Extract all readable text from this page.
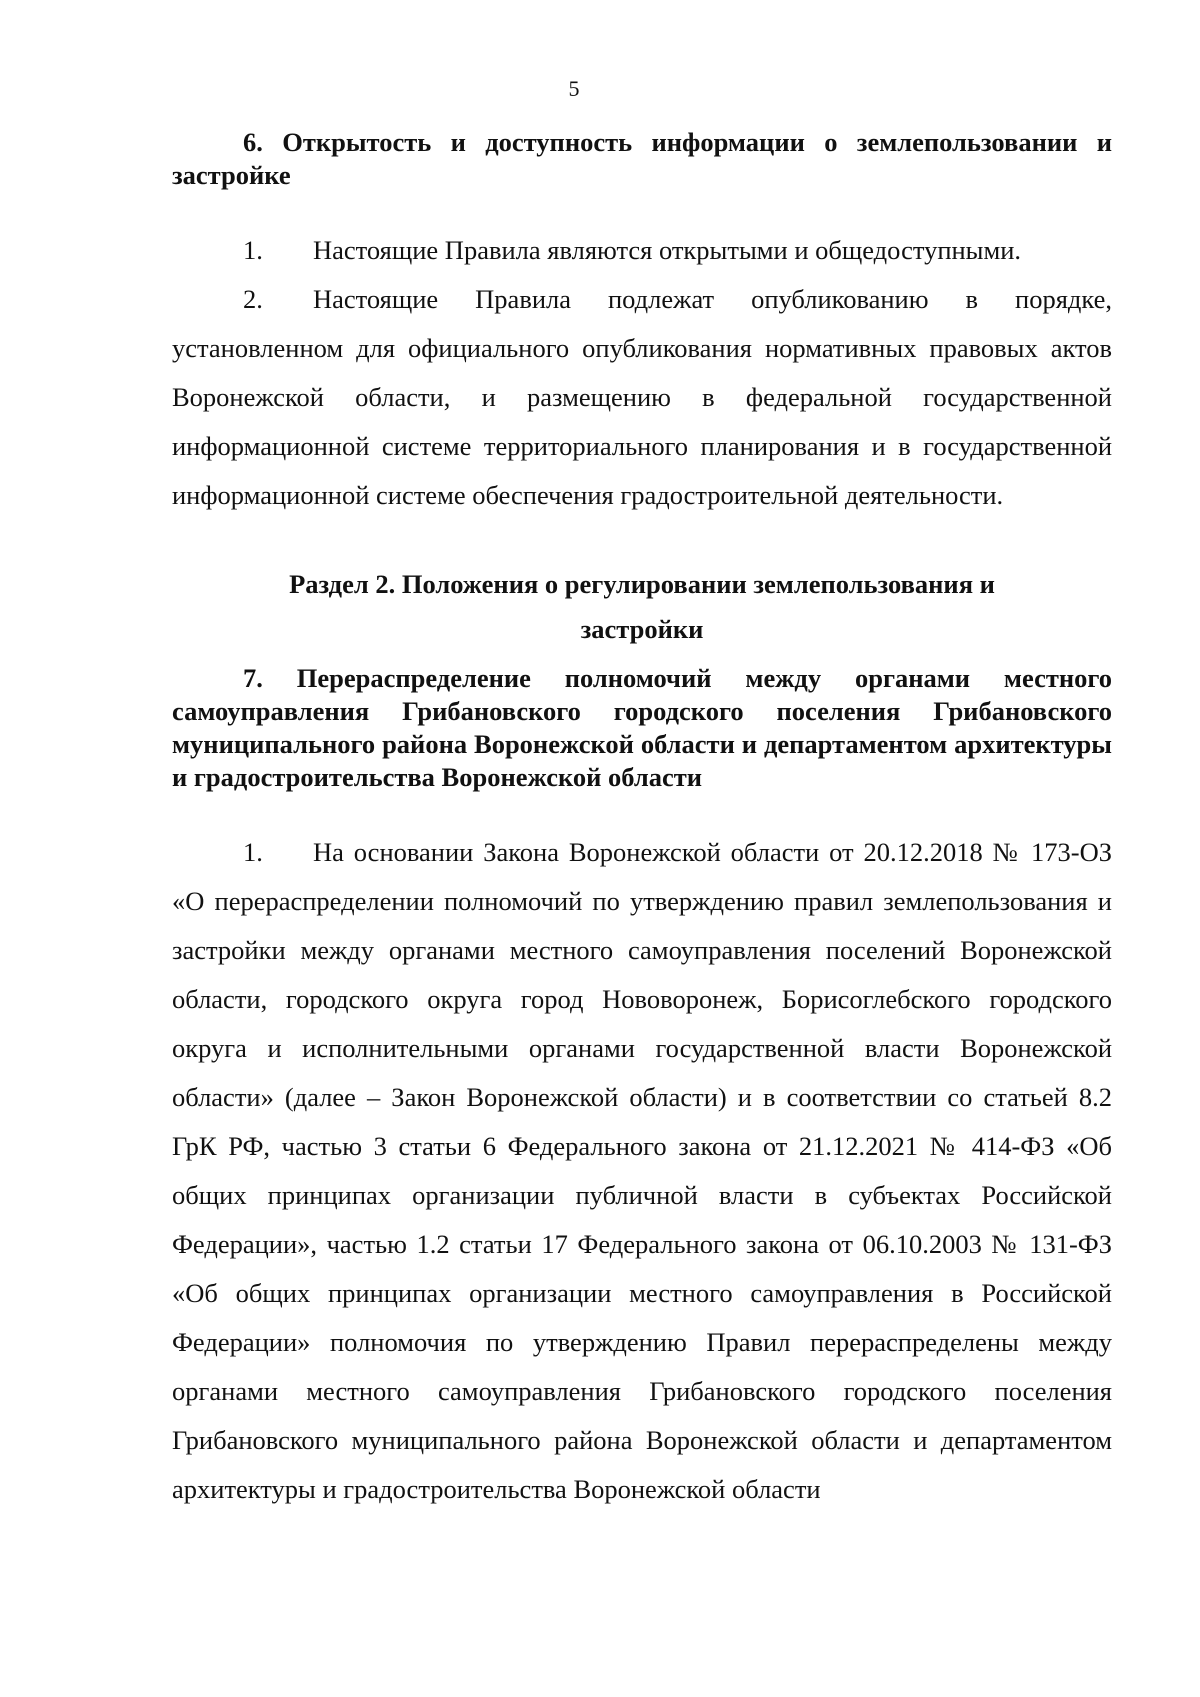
5

6. Открытость и доступность информации о землепользовании и застройке

1. Настоящие Правила являются открытыми и общедоступными.

2. Настоящие Правила подлежат опубликованию в порядке, установленном для официального опубликования нормативных правовых актов Воронежской области, и размещению в федеральной государственной информационной системе территориального планирования и в государственной информационной системе обеспечения градостроительной деятельности.

Раздел 2. Положения о регулировании землепользования и
застройки

7. Перераспределение полномочий между органами местного самоуправления Грибановского городского поселения Грибановского муниципального района Воронежской области и департаментом архитектуры и градостроительства Воронежской области

1. На основании Закона Воронежской области от 20.12.2018 № 173-ОЗ «О перераспределении полномочий по утверждению правил землепользования и застройки между органами местного самоуправления поселений Воронежской области, городского округа город Нововоронеж, Борисоглебского городского округа и исполнительными органами государственной власти Воронежской области» (далее – Закон Воронежской области) и в соответствии со статьей 8.2 ГрК РФ, частью 3 статьи 6 Федерального закона от 21.12.2021 № 414-ФЗ «Об общих принципах организации публичной власти в субъектах Российской Федерации», частью 1.2 статьи 17 Федерального закона от 06.10.2003 № 131-ФЗ «Об общих принципах организации местного самоуправления в Российской Федерации» полномочия по утверждению Правил перераспределены между органами местного самоуправления Грибановского городского поселения Грибановского муниципального района Воронежской области и департаментом архитектуры и градостроительства Воронежской области
